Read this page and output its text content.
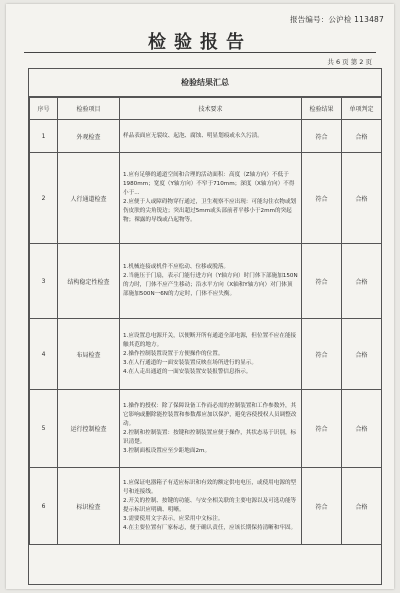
报告编号：公沪检 113487
检验报告
共 6 页 第 2 页
检验结果汇总
序号	检验项目	技术要求	检验结果	单项判定
1	外观检查	样品表面应无裂纹、起泡、腐蚀、明显划痕或永久污渍。	符合	合格
2	人行通道检查	1.应有足够的通道空间和合理的活动面积：高度（Z轴方向）不低于1980mm；宽度（Y轴方向）不窄于710mm；深度（X轴方向）不得小于...

2.应便于人或障碍物穿行通过，卫生观察不应出现：可能勾住衣物或划伤皮肤的尖角锐边；突出超过5mm或头部前者平移小于2mm的突起物；裸露的导线或凸起物等。	符合	合格
3	结构稳定性检查	1.机械连接或机件不应松动、位移或脱落。

2.当施压于门扇，表示门能行进方向（Y轴方向）时门体下部施加150N的力时，门体不应产生移动；沿水平方向（X轴和Y轴方向）对门体顶部施加500N一6N的力定时，门体不应失衡。	符合	合格
4	布局检查	1.应设置总电源开关，以便断开所有通道全部电源，但位置不应在能接触其范的地方。

2.操作控制装置设置于方便操作的位置。

3.在人行通道的一面安装装置反映在场所进行的显示。

4.在人走出通道的一面安装装置安装报警信息指示。	符合	合格
5	运行控制检查	1.操作的授权：除了保障设备工作而必需的控制装置和工作参数外，其它影响或删除能控装置和参数都应加以保护，避免容使授权人员调整改动。

2.控制和控制装置：按键和控制装置应便于操作，其状态易于识别，标识清楚。

3.控制面板设置应至少距地面2m。	符合	合格
6	标识检查	1.应保证电器箱子有适应标识和有效的额定供电电压，或使用电源的型号和连接线。

2.开关的控制、按键的功能、与安全相关联的主要电源以及可选功能等提示标识应明确、明晰。

3.需要使用文字表示，应采用中文标注。

4.在主要位置有厂家标志，便于确认责任，应该长期保持清晰和牢固。	符合	合格
